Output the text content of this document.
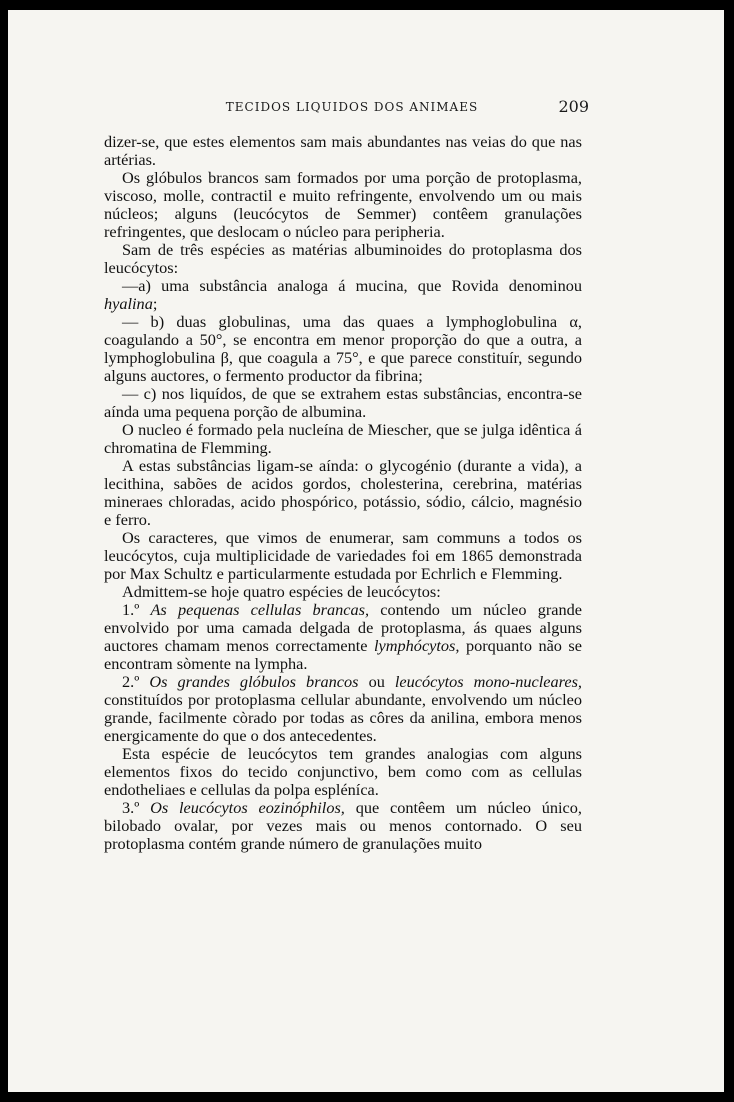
TECIDOS LIQUIDOS DOS ANIMAES	209

dizer-se, que estes elementos sam mais abundantes nas veias do que nas artérias.

Os glóbulos brancos sam formados por uma porção de protoplasma, viscoso, molle, contractil e muito refringente, envolvendo um ou mais núcleos; alguns (leucócytos de Semmer) contêem granulações refringentes, que deslocam o núcleo para peripheria.

Sam de três espécies as matérias albuminoides do protoplasma dos leucócytos:

—a) uma substância analoga á mucina, que Rovida denominou hyalina;

— b) duas globulinas, uma das quaes a lymphoglobulina α, coagulando a 50°, se encontra em menor proporção do que a outra, a lymphoglobulina β, que coagula a 75°, e que parece constituír, segundo alguns auctores, o fermento productor da fibrina;

— c) nos liquídos, de que se extrahem estas substâncias, encontra-se aínda uma pequena porção de albumina.

O nucleo é formado pela nucleína de Miescher, que se julga idêntica á chromatina de Flemming.

A estas substâncias ligam-se aínda: o glycogénio (durante a vida), a lecithina, sabões de acidos gordos, cholesterina, cerebrina, matérias mineraes chloradas, acido phospórico, potássio, sódio, cálcio, magnésio e ferro.

Os caracteres, que vimos de enumerar, sam communs a todos os leucócytos, cuja multiplicidade de variedades foi em 1865 demonstrada por Max Schultz e particularmente estudada por Echrlich e Flemming.

Admittem-se hoje quatro espécies de leucócytos:

1.º As pequenas cellulas brancas, contendo um núcleo grande envolvido por uma camada delgada de protoplasma, ás quaes alguns auctores chamam menos correctamente lymphócytos, porquanto não se encontram sòmente na lympha.

2.º Os grandes glóbulos brancos ou leucócytos mono-nucleares, constituídos por protoplasma cellular abundante, envolvendo um núcleo grande, facilmente còrado por todas as côres da anilina, embora menos energicamente do que o dos antecedentes.

Esta espécie de leucócytos tem grandes analogias com alguns elementos fixos do tecido conjunctivo, bem como com as cellulas endotheliaes e cellulas da polpa espléníca.

3.º Os leucócytos eozinóphilos, que contêem um núcleo único, bilobado ovalar, por vezes mais ou menos contornado. O seu protoplasma contém grande número de granulações muito
